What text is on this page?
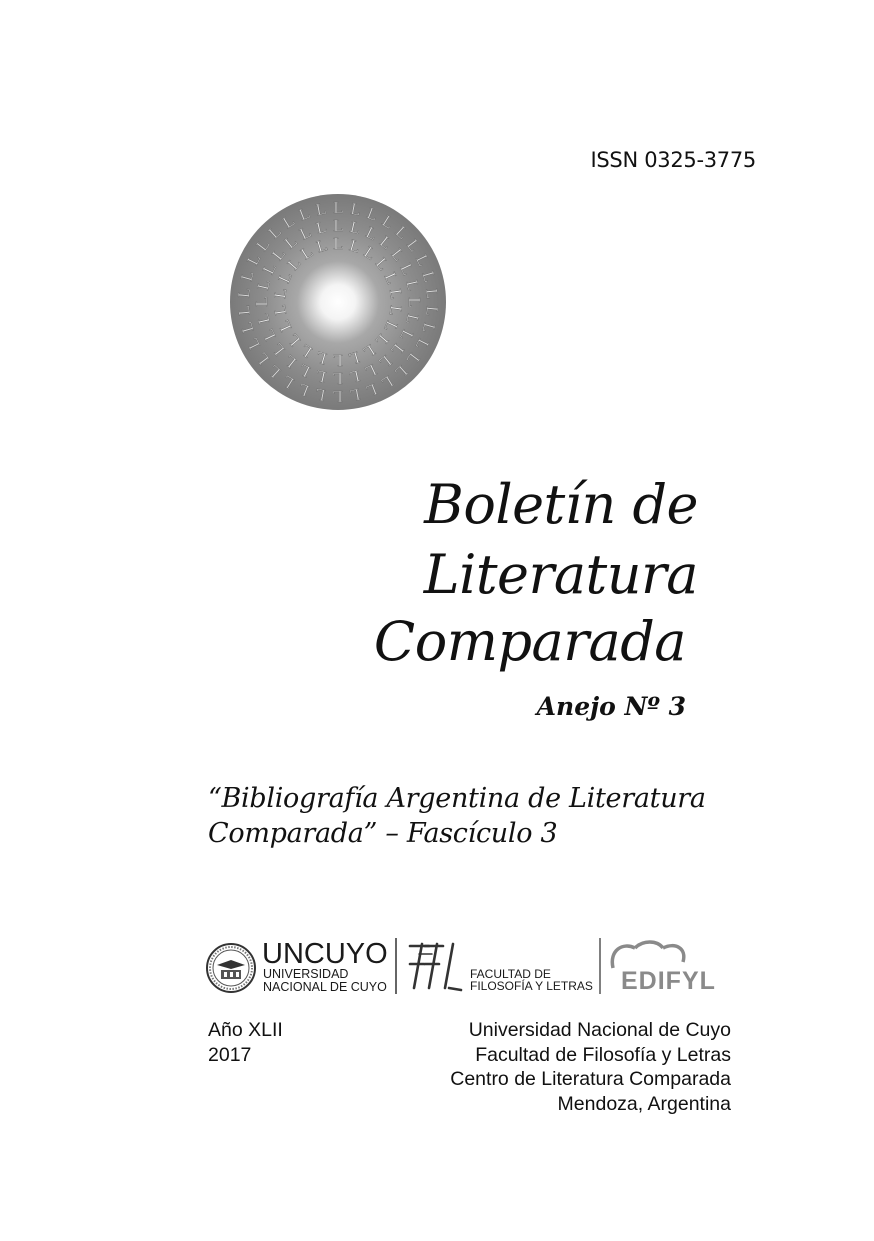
ISSN 0325-3775
L L L
L
L
L
L
L
L
L
L
L
L
L
L
L
L
L
L
L
L
L
L
L
L
L
L
L
L
L
L
L
L L
L L L
L
L
L
L
L
L
L
L
L
L
L
L
L
L
L
L
L
L
L
L
L
L
L
L L
L L
L
L
L
L
L
L
L
L
L
L
L
L
L
L
L
L
L
L
L
L
Boletín de
Literatura
Comparada
Anejo Nº 3
“Bibliografía Argentina de Literatura
Comparada” – Fascículo 3
UNCUYO
UNIVERSIDAD
NACIONAL DE CUYO
FACULTAD DE
FILOSOFÍA Y LETRAS EDIFYL
Año XLII
2017
Universidad Nacional de Cuyo
Facultad de Filosofía y Letras
Centro de Literatura Comparada
Mendoza, Argentina
